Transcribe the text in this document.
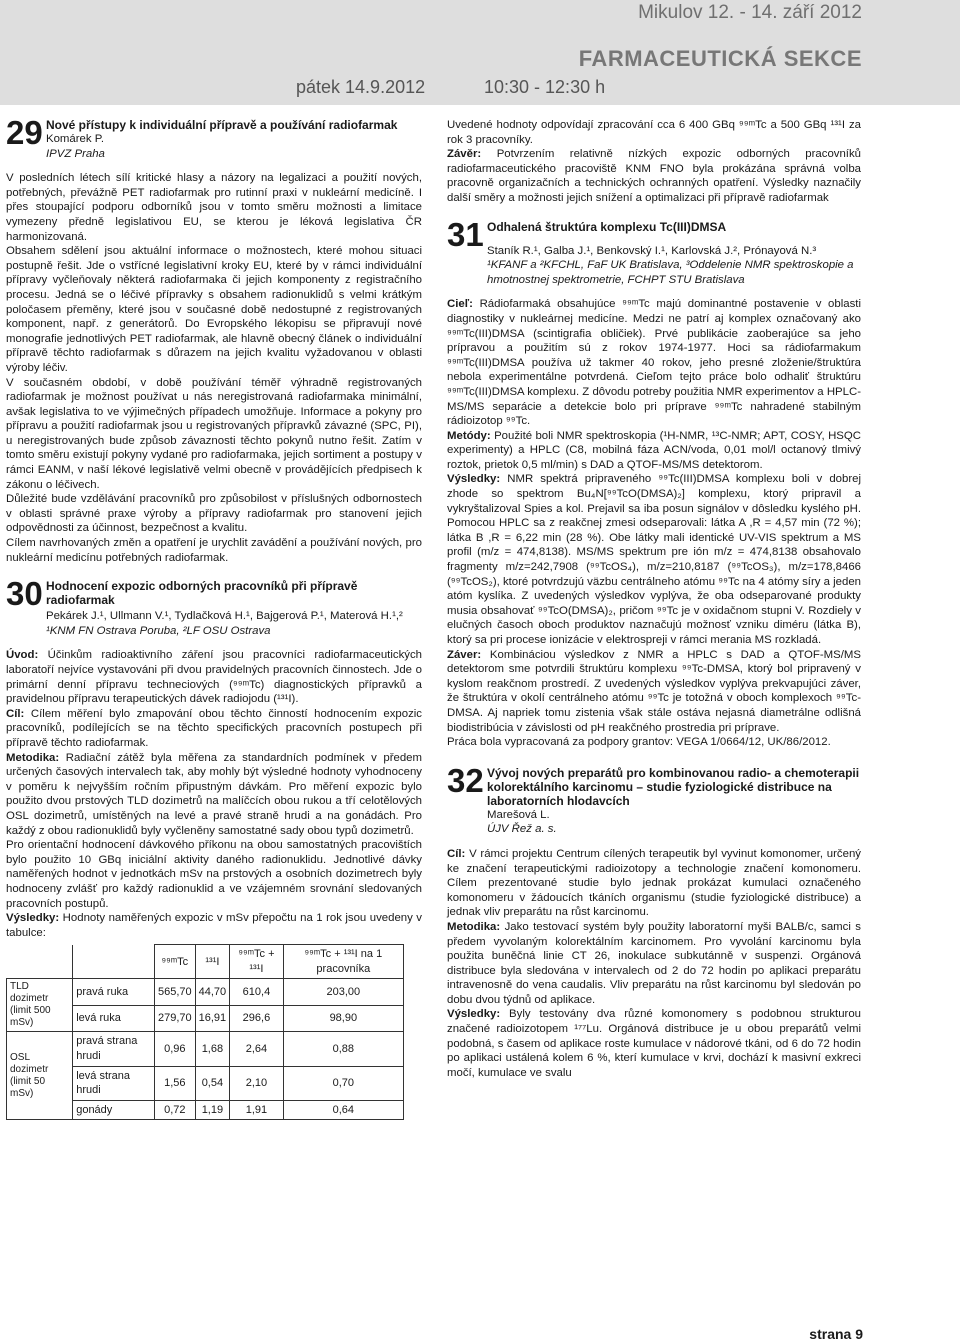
Mikulov 12. - 14. září 2012
FARMACEUTICKÁ SEKCE
pátek 14.9.2012	10:30 - 12:30 h
29 Nové přístupy k individuální přípravě a používání radiofarmak
Komárek P.
IPVZ Praha

V posledních létech sílí kritické hlasy a názory na legalizaci a použití nových, potřebných, převážně PET radiofarmak pro rutinní praxi v nukleární medicíně. I přes stoupající podporu odborníků jsou v tomto směru možnosti a limitace vymezeny předně legislativou EU, se kterou je léková legislativa ČR harmonizovaná.

Obsahem sdělení jsou aktuální informace o možnostech, které mohou situaci postupně řešit. Jde o vstřícné legislativní kroky EU, které by v rámci individuální přípravy vyčleňovaly některá radiofarmaka či jejich komponenty z registračního procesu. Jedná se o léčivé přípravky s obsahem radionuklidů s velmi krátkým poločasem přeměny, které jsou v současné době nedostupné z registrovaných komponent, např. z generátorů. Do Evropského lékopisu se připravují nové monografie jednotlivých PET radiofarmak, ale hlavně obecný článek o individuální přípravě těchto radiofarmak s důrazem na jejich kvalitu vyžadovanou v oblasti výroby léčiv.

V současném období, v době používání téměř výhradně registrovaných radiofarmak je možnost používat u nás neregistrovaná radiofarmaka minimální, avšak legislativa to ve výjimečných případech umožňuje. Informace a pokyny pro přípravu a použití radiofarmak jsou u registrovaných přípravků závazné (SPC, PI), u neregistrovaných bude způsob závaznosti těchto pokynů nutno řešit. Zatím v tomto směru existují pokyny vydané pro radiofarmaka, jejich sortiment a postupy v rámci EANM, v naší lékové legislativě velmi obecně v provádějících předpisech k zákonu o léčivech.

Důležité bude vzdělávání pracovníků pro způsobilost v příslušných odbornostech v oblasti správné praxe výroby a přípravy radiofarmak pro stanovení jejich odpovědnosti za účinnost, bezpečnost a kvalitu.

Cílem navrhovaných změn a opatření je urychlit zavádění a používání nových, pro nukleární medicínu potřebných radiofarmak.

30 Hodnocení expozic odborných pracovníků při přípravě radiofarmak
Pekárek J.¹, Ullmann V.¹, Tydlačková H.¹, Bajgerová P.¹, Materová H.¹,²
¹KNM FN Ostrava Poruba, ²LF OSU Ostrava

Úvod: Účinkům radioaktivního záření jsou pracovníci radiofarmaceutických laboratoří nejvíce vystavováni při dvou pravidelných pracovních činnostech. Jde o primární denní přípravu techneciových (⁹⁹ᵐTc) diagnostických přípravků a pravidelnou přípravu terapeutických dávek radiojodu (¹³¹I).

Cíl: Cílem měření bylo zmapování obou těchto činností hodnocením expozic pracovníků, podílejících se na těchto specifických pracovních postupech při přípravě těchto radiofarmak.

Metodika: Radiační zátěž byla měřena za standardních podmínek v předem určených časových intervalech tak, aby mohly být výsledné hodnoty vyhodnoceny v poměru k nejvyšším ročním připustným dávkám. Pro měření expozic bylo použito dvou prstových TLD dozimetrů na malíčcích obou rukou a tří celotělových OSL dozimetrů, umístěných na levé a pravé straně hrudi a na gonádách. Pro každý z obou radionuklidů byly vyčleněny samostatné sady obou typů dozimetrů.

Pro orientační hodnocení dávkového příkonu na obou samostatných pracovištích bylo použito 10 GBq iniciální aktivity daného radionuklidu. Jednotlivé dávky naměřených hodnot v jednotkách mSv na prstových a osobních dozimetrech byly hodnoceny zvlášť pro každý radionuklid a ve vzájemném srovnání sledovaných pracovních postupů.

Výsledky: Hodnoty naměřených expozic v mSv přepočtu na 1 rok jsou uvedeny v tabulce:

		⁹⁹ᵐTc	¹³¹I	⁹⁹ᵐTc + ¹³¹I	⁹⁹ᵐTc + ¹³¹I na 1 pracovníka
TLD dozimetr
(limit 500 mSv)	pravá ruka	565,70	44,70	610,4	203,00
	levá ruka	279,70	16,91	296,6	98,90
OSL dozimetr
(limit 50 mSv)	pravá strana hrudi	0,96	1,68	2,64	0,88
	levá strana hrudi	1,56	0,54	2,10	0,70
	gonády	0,72	1,19	1,91	0,64

Uvedené hodnoty odpovídají zpracování cca 6 400 GBq ⁹⁹ᵐTc a 500 GBq ¹³¹I za rok 3 pracovníky.

Závěr: Potvrzením relativně nízkých expozic odborných pracovníků radiofarmaceutického pracoviště KNM FNO byla prokázána správná volba pracovně organizačních a technických ochranných opatření. Výsledky naznačily další směry a možnosti jejich snížení a optimalizaci při přípravě radiofarmak

31 Odhalená štruktúra komplexu Tc(III)DMSA
Staník R.¹, Galba J.¹, Benkovský I.¹, Karlovská J.², Prónayová N.³
¹KFANF a ²KFCHL, FaF UK Bratislava, ³Oddelenie NMR spektroskopie a hmotnostnej spektrometrie, FCHPT STU Bratislava

Cieľ: Rádiofarmaká obsahujúce ⁹⁹ᵐTc majú dominantné postavenie v oblasti diagnostiky v nukleárnej medicíne. Medzi ne patrí aj komplex označovaný ako ⁹⁹ᵐTc(III)DMSA (scintigrafia obličiek). Prvé publikácie zaoberajúce sa jeho prípravou a použitím sú z rokov 1974-1977. Hoci sa rádiofarmakum ⁹⁹ᵐTc(III)DMSA používa už takmer 40 rokov, jeho presné zloženie/štruktúra nebola experimentálne potvrdená. Cieľom tejto práce bolo odhaliť štruktúru ⁹⁹ᵐTc(III)DMSA komplexu. Z dôvodu potreby použitia NMR experimentov a HPLC-MS/MS separácie a detekcie bolo pri príprave ⁹⁹ᵐTc nahradené stabilným rádioizotop ⁹⁹Tc.

Metódy: Použité boli NMR spektroskopia (¹H-NMR, ¹³C-NMR; APT, COSY, HSQC experimenty) a HPLC (C8, mobilná fáza ACN/voda, 0,01 mol/l octanový tlmivý roztok, prietok 0,5 ml/min) s DAD a QTOF-MS/MS detektorom.

Výsledky: NMR spektrá pripraveného ⁹⁹Tc(III)DMSA komplexu boli v dobrej zhode so spektrom Bu₄N[⁹⁹TcO(DMSA)₂] komplexu, ktorý pripravil a vykryštalizoval Spies a kol. Prejavil sa iba posun signálov v dôsledku kyslého pH. Pomocou HPLC sa z reakčnej zmesi odseparovali: látka A ,R = 4,57 min (72 %); látka B ,R = 6,22 min (28 %). Obe látky mali identické UV-VIS spektrum a MS profil (m/z = 474,8138). MS/MS spektrum pre ión m/z = 474,8138 obsahovalo fragmenty m/z=242,7908 (⁹⁹TcOS₄), m/z=210,8187 (⁹⁹TcOS₃), m/z=178,8466 (⁹⁹TcOS₂), ktoré potvrdzujú väzbu centrálneho atómu ⁹⁹Tc na 4 atómy síry a jeden atóm kyslíka. Z uvedených výsledkov vyplýva, že oba odseparované produkty musia obsahovať ⁹⁹TcO(DMSA)₂, pričom ⁹⁹Tc je v oxidačnom stupni V. Rozdiely v elučných časoch oboch produktov naznačujú možnosť vzniku diméru (látka B), ktorý sa pri procese ionizácie v elektrospreji v rámci merania MS rozkladá.

Záver: Kombináciou výsledkov z NMR a HPLC s DAD a QTOF-MS/MS detektorom sme potvrdili štruktúru komplexu ⁹⁹Tc-DMSA, ktorý bol pripravený v kyslom reakčnom prostredí. Z uvedených výsledkov vyplýva prekvapujúci záver, že štruktúra v okolí centrálneho atómu ⁹⁹Tc je totožná v oboch komplexoch ⁹⁹Tc-DMSA. Aj napriek tomu zistenia však stále ostáva nejasná diametrálne odlišná biodistribúcia v závislosti od pH reakčného prostredia pri príprave.

Práca bola vypracovaná za podpory grantov: VEGA 1/0664/12, UK/86/2012.

32 Vývoj nových preparátů pro kombinovanou radio- a chemoterapii kolorektálního karcinomu – studie fyziologické distribuce na laboratorních hlodavcích
Marešová L.
ÚJV Řež a. s.

Cíl: V rámci projektu Centrum cílených terapeutik byl vyvinut komonomer, určený ke značení terapeutickými radioizotopy a technologie značení komonomeru. Cílem prezentované studie bylo jednak prokázat kumulaci označeného komonomeru v žádoucích tkáních organismu (studie fyziologické distribuce) a jednak vliv preparátu na růst karcinomu.

Metodika: Jako testovací systém byly použity laboratorní myši BALB/c, samci s předem vyvolaným kolorektálním karcinomem. Pro vyvolání karcinomu byla použita buněčná linie CT 26, inokulace subkutánně v suspenzi. Orgánová distribuce byla sledována v intervalech od 2 do 72 hodin po aplikaci preparátu intravenosně do vena caudalis. Vliv preparátu na růst karcinomu byl sledován po dobu dvou týdnů od aplikace.

Výsledky: Byly testovány dva různé komonomery s podobnou strukturou značené radioizotopem ¹⁷⁷Lu. Orgánová distribuce je u obou preparátů velmi podobná, s časem od aplikace roste kumulace v nádorové tkáni, od 6 do 72 hodin po aplikaci ustálená kolem 6 %, kterí kumulace v krvi, dochází k masivní exkreci močí, kumulace ve svalu

strana 9
